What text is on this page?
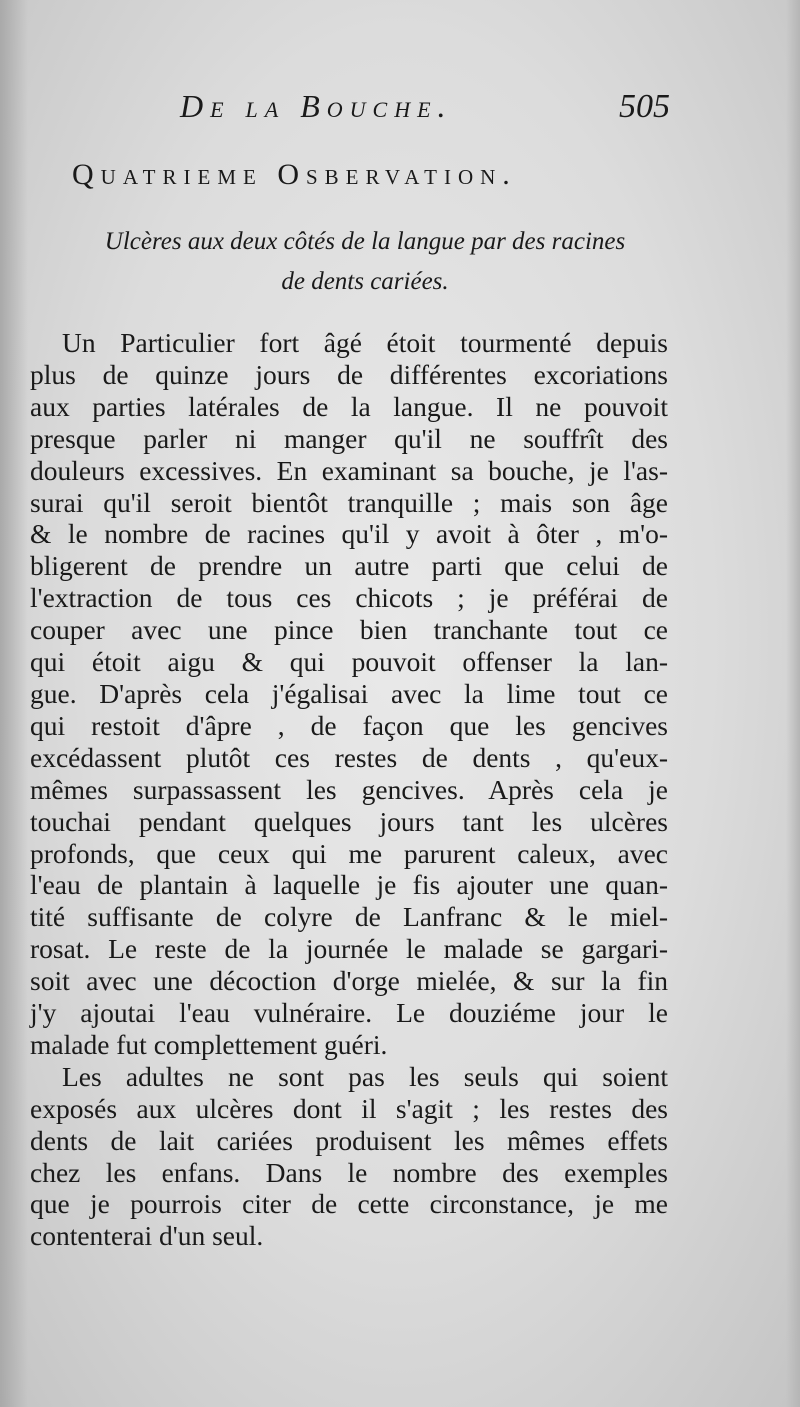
De la Bouche.	505
Quatrieme Osbervation.
Ulcères aux deux côtés de la langue par des racines
de dents cariées.

Un Particulier fort âgé étoit tourmenté depuis
plus de quinze jours de différentes excoriations
aux parties latérales de la langue. Il ne pouvoit
presque parler ni manger qu'il ne souffrît des
douleurs excessives. En examinant sa bouche, je l'as-
surai qu'il seroit bientôt tranquille ; mais son âge
& le nombre de racines qu'il y avoit à ôter , m'o-
bligerent de prendre un autre parti que celui de
l'extraction de tous ces chicots ; je préférai de
couper avec une pince bien tranchante tout ce
qui étoit aigu & qui pouvoit offenser la lan-
gue. D'après cela j'égalisai avec la lime tout ce
qui restoit d'âpre , de façon que les gencives
excédassent plutôt ces restes de dents , qu'eux-
mêmes surpassassent les gencives. Après cela je
touchai pendant quelques jours tant les ulcères
profonds, que ceux qui me parurent caleux, avec
l'eau de plantain à laquelle je fis ajouter une quan-
tité suffisante de colyre de Lanfranc & le miel-
rosat. Le reste de la journée le malade se gargari-
soit avec une décoction d'orge mielée, & sur la fin
j'y ajoutai l'eau vulnéraire. Le douziéme jour le
malade fut complettement guéri.

Les adultes ne sont pas les seuls qui soient
exposés aux ulcères dont il s'agit ; les restes des
dents de lait cariées produisent les mêmes effets
chez les enfans. Dans le nombre des exemples
que je pourrois citer de cette circonstance, je me
contenterai d'un seul.
